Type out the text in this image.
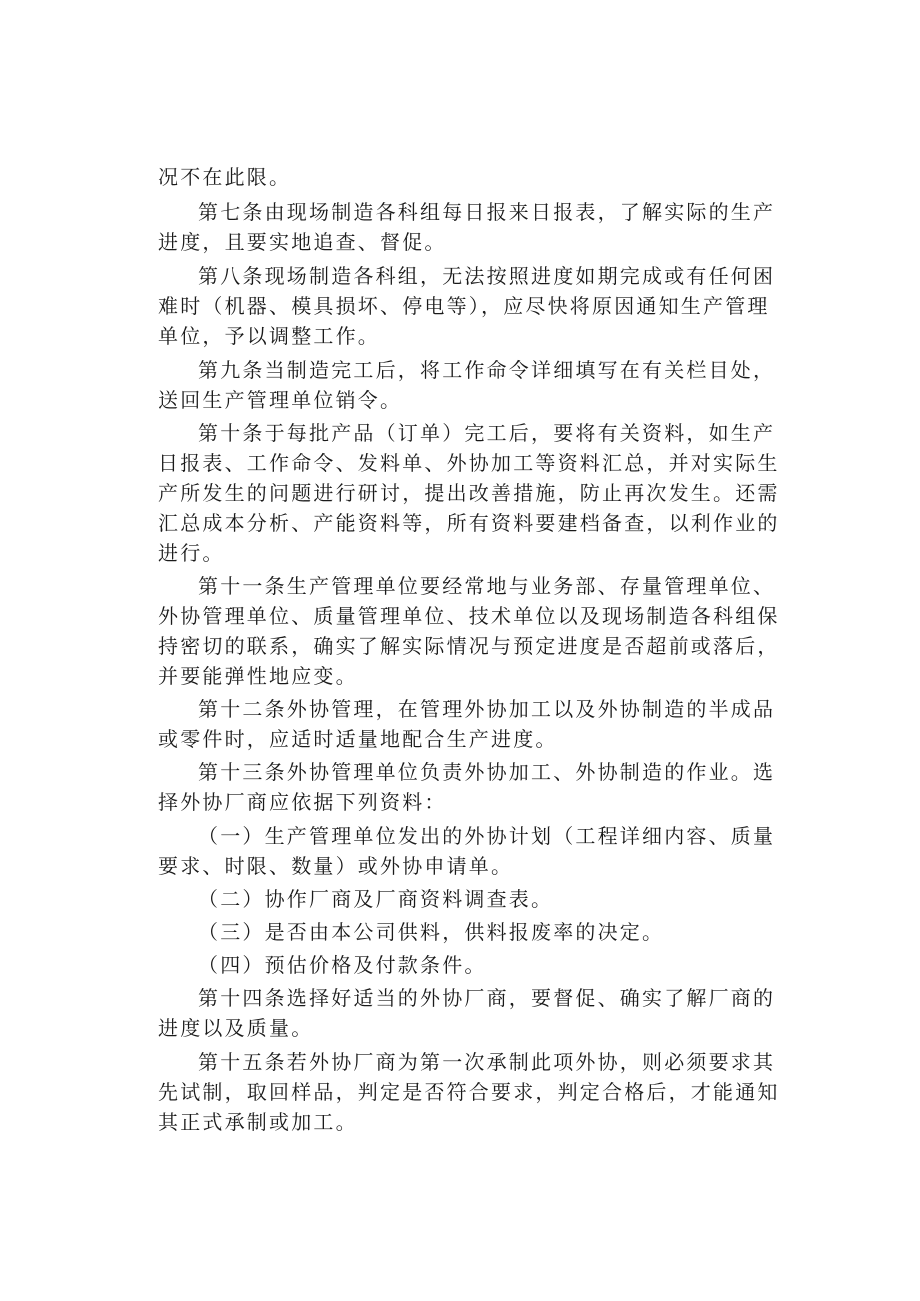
况不在此限。
第七条由现场制造各科组每日报来日报表，了解实际的生产
进度，且要实地追查、督促。
第八条现场制造各科组，无法按照进度如期完成或有任何困
难时（机器、模具损坏、停电等），应尽快将原因通知生产管理
单位，予以调整工作。
第九条当制造完工后，将工作命令详细填写在有关栏目处，
送回生产管理单位销令。
第十条于每批产品（订单）完工后，要将有关资料，如生产
日报表、工作命令、发料单、外协加工等资料汇总，并对实际生
产所发生的问题进行研讨，提出改善措施，防止再次发生。还需
汇总成本分析、产能资料等，所有资料要建档备查，以利作业的
进行。
第十一条生产管理单位要经常地与业务部、存量管理单位、
外协管理单位、质量管理单位、技术单位以及现场制造各科组保
持密切的联系，确实了解实际情况与预定进度是否超前或落后，
并要能弹性地应变。
第十二条外协管理，在管理外协加工以及外协制造的半成品
或零件时，应适时适量地配合生产进度。
第十三条外协管理单位负责外协加工、外协制造的作业。选
择外协厂商应依据下列资料：
（一）生产管理单位发出的外协计划（工程详细内容、质量
要求、时限、数量）或外协申请单。
（二）协作厂商及厂商资料调查表。
（三）是否由本公司供料，供料报废率的决定。
（四）预估价格及付款条件。
第十四条选择好适当的外协厂商，要督促、确实了解厂商的
进度以及质量。
第十五条若外协厂商为第一次承制此项外协，则必须要求其
先试制，取回样品，判定是否符合要求，判定合格后，才能通知
其正式承制或加工。
